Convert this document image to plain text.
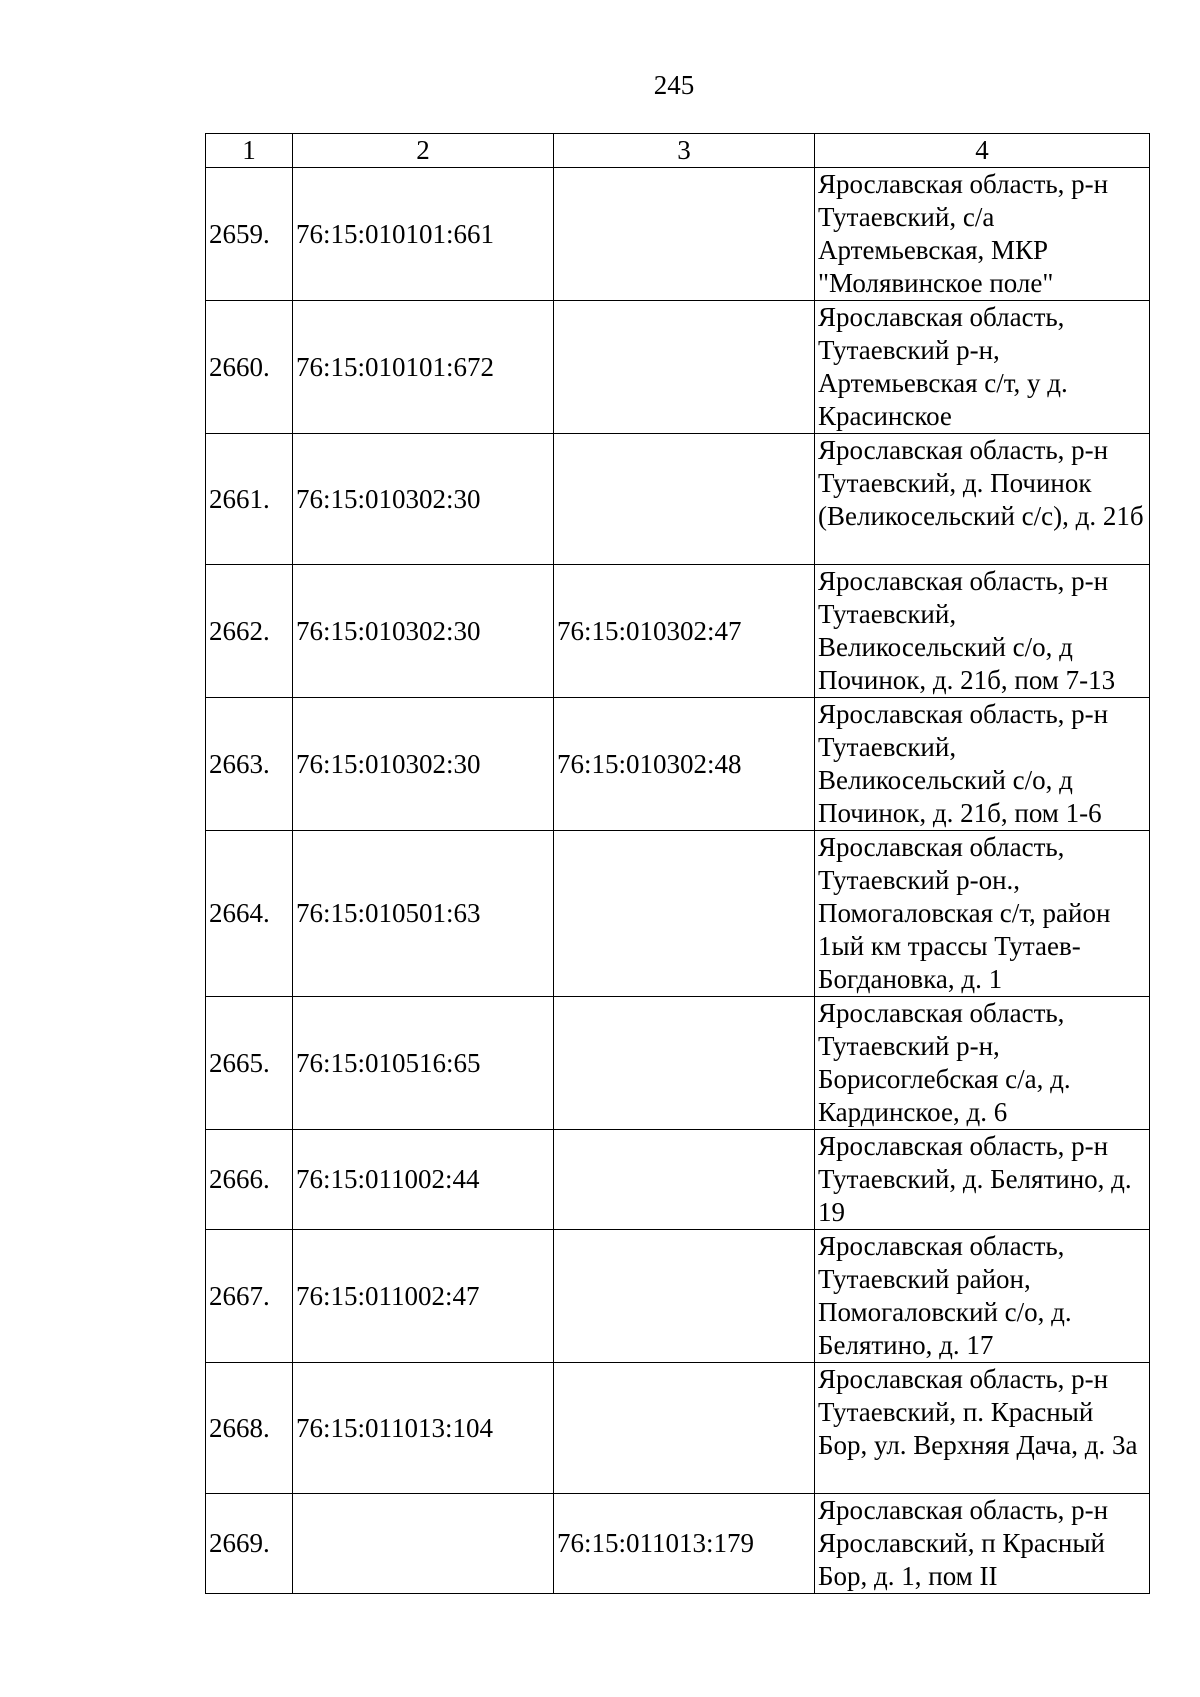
245
1	2	3	4
2659.	76:15:010101:661		Ярославская область, р-н Тутаевский, с/а Артемьевская, МКР "Молявинское поле"
2660.	76:15:010101:672		Ярославская область, Тутаевский р-н, Артемьевская с/т, у д. Красинское
2661.	76:15:010302:30		Ярославская область, р-н Тутаевский, д. Починок (Великосельский с/с), д. 21б
2662.	76:15:010302:30	76:15:010302:47	Ярославская область, р-н Тутаевский, Великосельский с/о, д Починок, д. 21б, пом 7-13
2663.	76:15:010302:30	76:15:010302:48	Ярославская область, р-н Тутаевский, Великосельский с/о, д Починок, д. 21б, пом 1-6
2664.	76:15:010501:63		Ярославская область, Тутаевский р-он., Помогаловская с/т, район 1ый км трассы Тутаев-Богдановка, д. 1
2665.	76:15:010516:65		Ярославская область, Тутаевский р-н, Борисоглебская с/а, д. Кардинское, д. 6
2666.	76:15:011002:44		Ярославская область, р-н Тутаевский, д. Белятино, д. 19
2667.	76:15:011002:47		Ярославская область, Тутаевский район, Помогаловский с/о, д. Белятино, д. 17
2668.	76:15:011013:104		Ярославская область, р-н Тутаевский, п. Красный Бор, ул. Верхняя Дача, д. 3а
2669.		76:15:011013:179	Ярославская область, р-н Ярославский, п Красный Бор, д. 1, пом II
